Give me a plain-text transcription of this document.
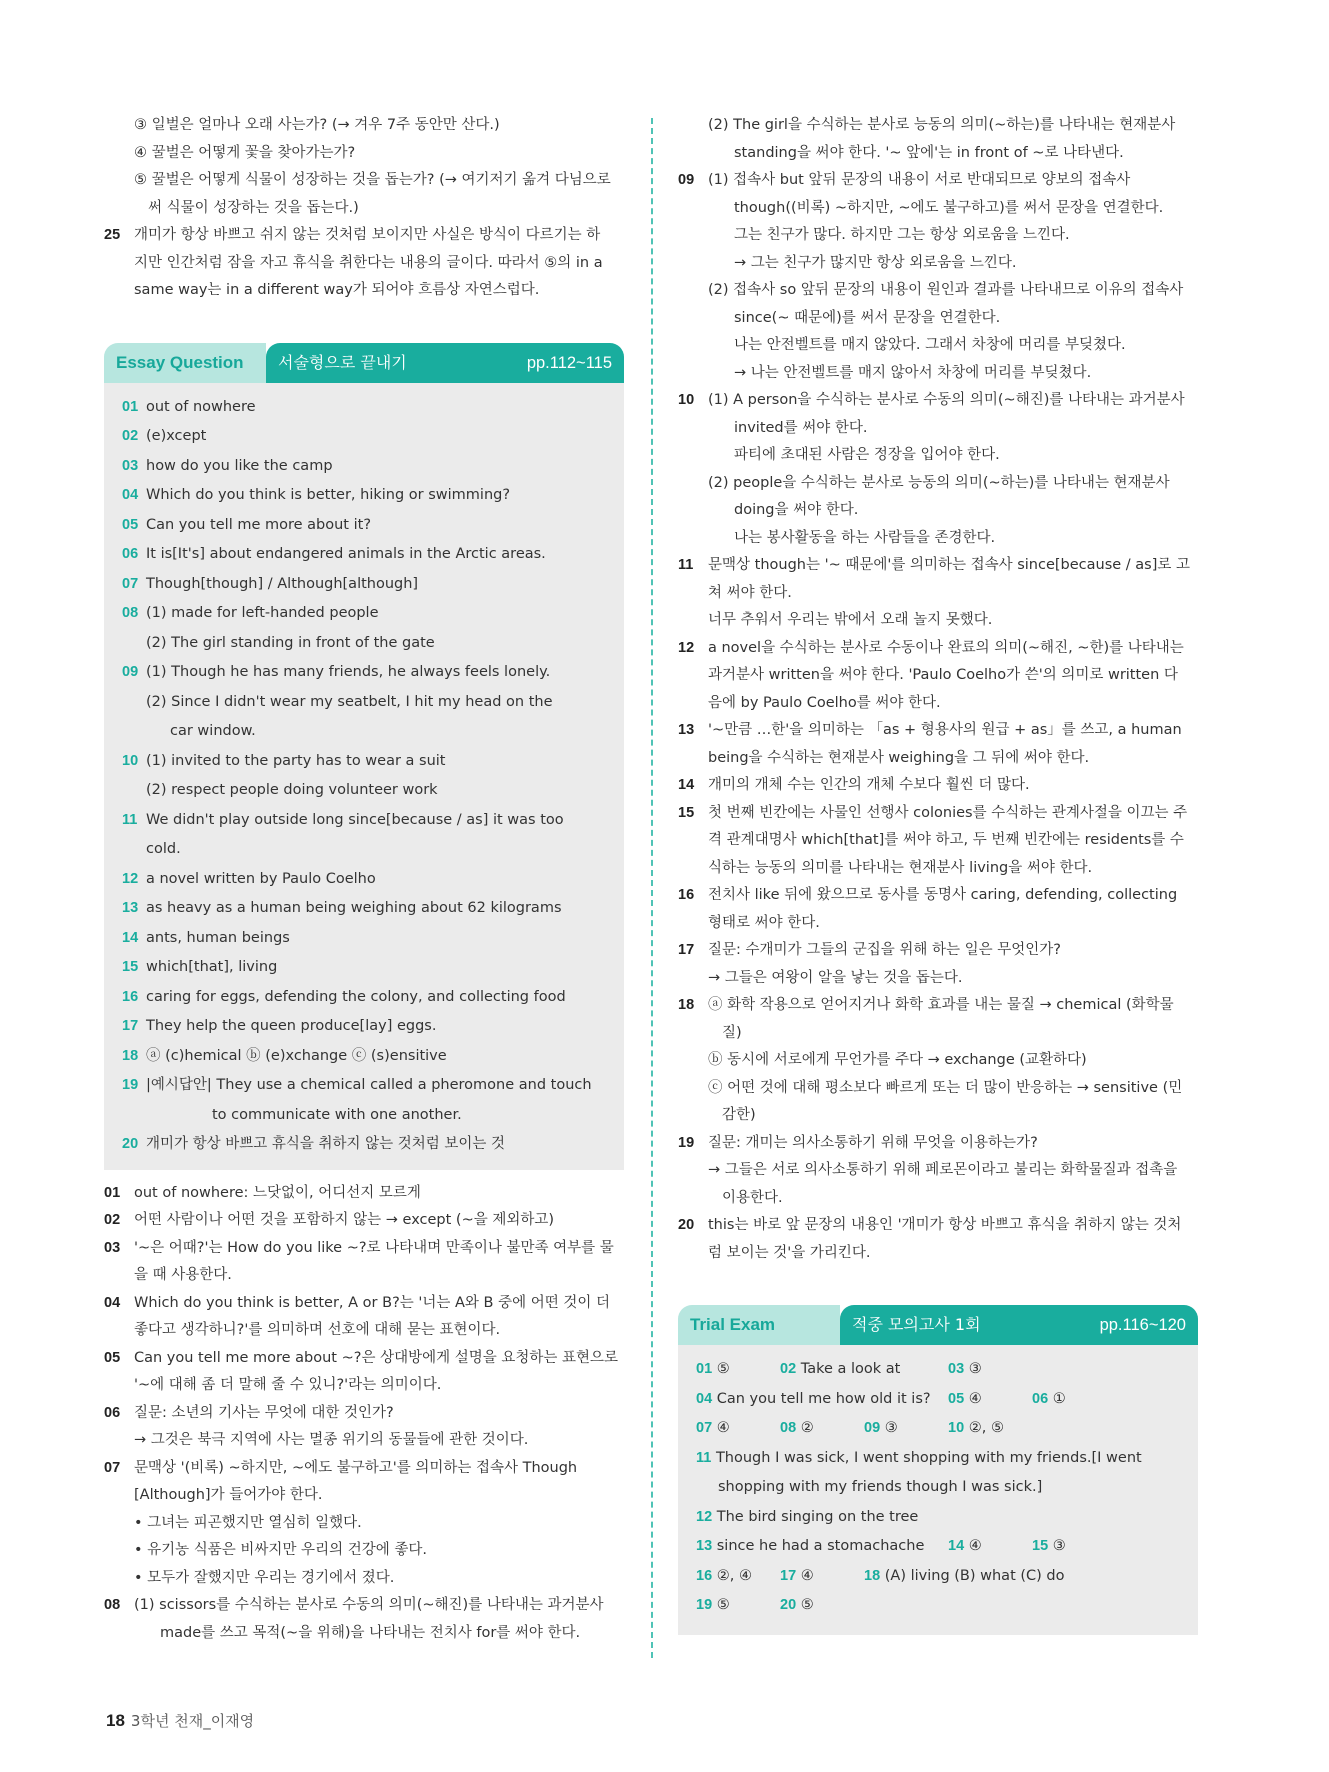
③ 일벌은 얼마나 오래 사는가? (→ 겨우 7주 동안만 산다.)
④ 꿀벌은 어떻게 꽃을 찾아가는가?
⑤ 꿀벌은 어떻게 식물이 성장하는 것을 돕는가? (→ 여기저기 옮겨 다님으로
써 식물이 성장하는 것을 돕는다.)
25 개미가 항상 바쁘고 쉬지 않는 것처럼 보이지만 사실은 방식이 다르기는 하
지만 인간처럼 잠을 자고 휴식을 취한다는 내용의 글이다. 따라서 ⑤의 in a
same way는 in a different way가 되어야 흐름상 자연스럽다.
Essay Question	서술형으로 끝내기	pp.112~115
01 out of nowhere
02 (e)xcept
03 how do you like the camp
04 Which do you think is better, hiking or swimming?
05 Can you tell me more about it?
06 It is[It's] about endangered animals in the Arctic areas.
07 Though[though] / Although[although]
08 (1) made for left-handed people
(2) The girl standing in front of the gate
09 (1) Though he has many friends, he always feels lonely.
(2) Since I didn't wear my seatbelt, I hit my head on the
car window.
10 (1) invited to the party has to wear a suit
(2) respect people doing volunteer work
11 We didn't play outside long since[because / as] it was too
cold.
12 a novel written by Paulo Coelho
13 as heavy as a human being weighing about 62 kilograms
14 ants, human beings
15 which[that], living
16 caring for eggs, defending the colony, and collecting food
17 They help the queen produce[lay] eggs.
18 ⓐ (c)hemical ⓑ (e)xchange ⓒ (s)ensitive
19 |예시답안| They use a chemical called a pheromone and touch
to communicate with one another.
20 개미가 항상 바쁘고 휴식을 취하지 않는 것처럼 보이는 것
01 out of nowhere: 느닷없이, 어디선지 모르게
02 어떤 사람이나 어떤 것을 포함하지 않는 → except (~을 제외하고)
03 '~은 어때?'는 How do you like ~?로 나타내며 만족이나 불만족 여부를 물
을 때 사용한다.
04 Which do you think is better, A or B?는 '너는 A와 B 중에 어떤 것이 더
좋다고 생각하니?'를 의미하며 선호에 대해 묻는 표현이다.
05 Can you tell me more about ~?은 상대방에게 설명을 요청하는 표현으로
'~에 대해 좀 더 말해 줄 수 있니?'라는 의미이다.
06 질문: 소년의 기사는 무엇에 대한 것인가?
→ 그것은 북극 지역에 사는 멸종 위기의 동물들에 관한 것이다.
07 문맥상 '(비록) ~하지만, ~에도 불구하고'를 의미하는 접속사 Though
[Although]가 들어가야 한다.
• 그녀는 피곤했지만 열심히 일했다.
• 유기농 식품은 비싸지만 우리의 건강에 좋다.
• 모두가 잘했지만 우리는 경기에서 졌다.
08 (1) scissors를 수식하는 분사로 수동의 의미(~해진)를 나타내는 과거분사
made를 쓰고 목적(~을 위해)을 나타내는 전치사 for를 써야 한다.
(2) The girl을 수식하는 분사로 능동의 의미(~하는)를 나타내는 현재분사
standing을 써야 한다. '~ 앞에'는 in front of ~로 나타낸다.
09 (1) 접속사 but 앞뒤 문장의 내용이 서로 반대되므로 양보의 접속사
though((비록) ~하지만, ~에도 불구하고)를 써서 문장을 연결한다.
그는 친구가 많다. 하지만 그는 항상 외로움을 느낀다.
→ 그는 친구가 많지만 항상 외로움을 느낀다.
(2) 접속사 so 앞뒤 문장의 내용이 원인과 결과를 나타내므로 이유의 접속사
since(~ 때문에)를 써서 문장을 연결한다.
나는 안전벨트를 매지 않았다. 그래서 차창에 머리를 부딪쳤다.
→ 나는 안전벨트를 매지 않아서 차창에 머리를 부딪쳤다.
10 (1) A person을 수식하는 분사로 수동의 의미(~해진)를 나타내는 과거분사
invited를 써야 한다.
파티에 초대된 사람은 정장을 입어야 한다.
(2) people을 수식하는 분사로 능동의 의미(~하는)를 나타내는 현재분사
doing을 써야 한다.
나는 봉사활동을 하는 사람들을 존경한다.
11 문맥상 though는 '~ 때문에'를 의미하는 접속사 since[because / as]로 고
쳐 써야 한다.
너무 추워서 우리는 밖에서 오래 놀지 못했다.
12 a novel을 수식하는 분사로 수동이나 완료의 의미(~해진, ~한)를 나타내는
과거분사 written을 써야 한다. 'Paulo Coelho가 쓴'의 의미로 written 다
음에 by Paulo Coelho를 써야 한다.
13 '~만큼 …한'을 의미하는 「as + 형용사의 원급 + as」를 쓰고, a human
being을 수식하는 현재분사 weighing을 그 뒤에 써야 한다.
14 개미의 개체 수는 인간의 개체 수보다 훨씬 더 많다.
15 첫 번째 빈칸에는 사물인 선행사 colonies를 수식하는 관계사절을 이끄는 주
격 관계대명사 which[that]를 써야 하고, 두 번째 빈칸에는 residents를 수
식하는 능동의 의미를 나타내는 현재분사 living을 써야 한다.
16 전치사 like 뒤에 왔으므로 동사를 동명사 caring, defending, collecting
형태로 써야 한다.
17 질문: 수개미가 그들의 군집을 위해 하는 일은 무엇인가?
→ 그들은 여왕이 알을 낳는 것을 돕는다.
18 ⓐ 화학 작용으로 얻어지거나 화학 효과를 내는 물질 → chemical (화학물
질)
ⓑ 동시에 서로에게 무언가를 주다 → exchange (교환하다)
ⓒ 어떤 것에 대해 평소보다 빠르게 또는 더 많이 반응하는 → sensitive (민
감한)
19 질문: 개미는 의사소통하기 위해 무엇을 이용하는가?
→ 그들은 서로 의사소통하기 위해 페로몬이라고 불리는 화학물질과 접촉을
이용한다.
20 this는 바로 앞 문장의 내용인 '개미가 항상 바쁘고 휴식을 취하지 않는 것처
럼 보이는 것'을 가리킨다.
Trial Exam	적중 모의고사 1회	pp.116~120
01 ⑤	02 Take a look at	03 ③
04 Can you tell me how old it is? 05 ④	06 ①
07 ④	08 ②	09 ③	10 ②, ⑤
11 Though I was sick, I went shopping with my friends.[I went
shopping with my friends though I was sick.]
12 The bird singing on the tree
13 since he had a stomachache 14 ④	15 ③
16 ②, ④ 17 ④	18 (A) living (B) what (C) do
19 ⑤	20 ⑤
18 3학년 천재_이재영
